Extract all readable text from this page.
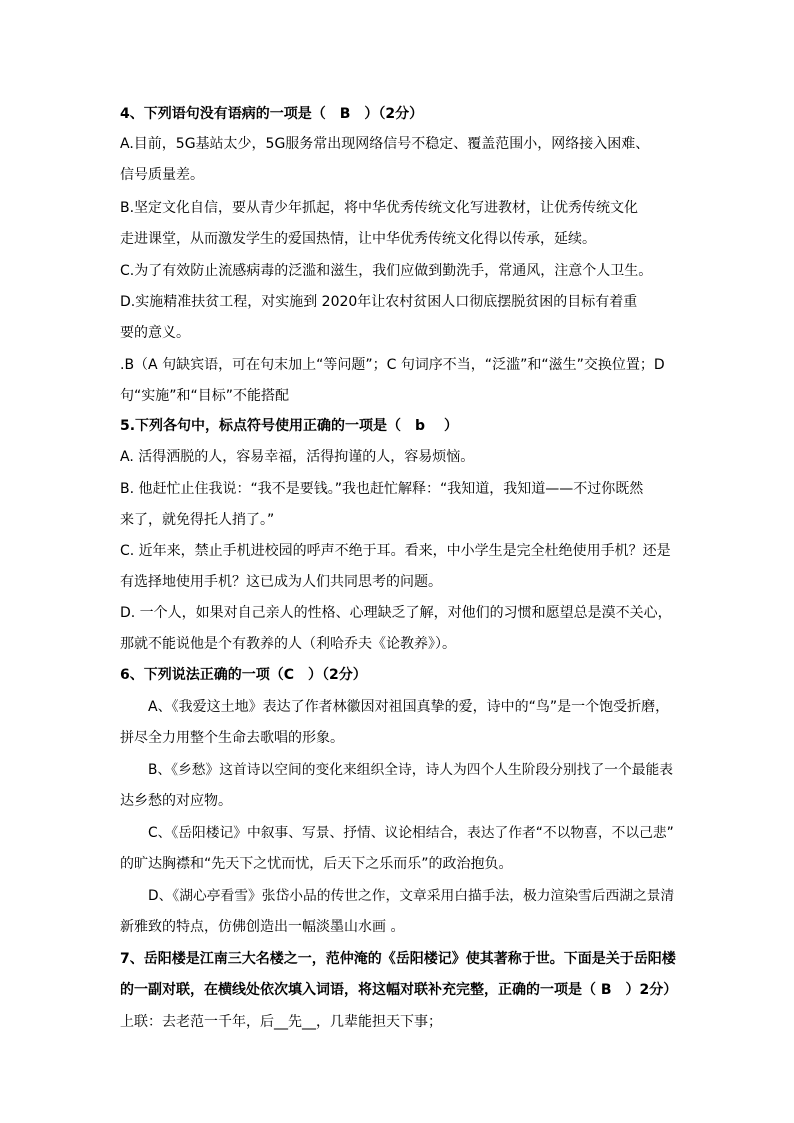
4、下列语句没有语病的一项是（　B　）（2分）

A.目前，5G基站太少，5G服务常出现网络信号不稳定、覆盖范围小，网络接入困难、

信号质量差。

B.坚定文化自信，要从青少年抓起，将中华优秀传统文化写进教材，让优秀传统文化

走进课堂，从而激发学生的爱国热情，让中华优秀传统文化得以传承，延续。

C.为了有效防止流感病毒的泛滥和滋生，我们应做到勤洗手，常通风，注意个人卫生。

D.实施精准扶贫工程，对实施到 2020年让农村贫困人口彻底摆脱贫困的目标有着重

要的意义。

.B（A 句缺宾语，可在句末加上“等问题”；C 句词序不当，“泛滥”和“滋生”交换位置；D

句“实施”和“目标”不能搭配

5.下列各句中，标点符号使用正确的一项是（　b　 ）

A. 活得洒脱的人，容易幸福，活得拘谨的人，容易烦恼。

B. 他赶忙止住我说：“我不是要钱。”我也赶忙解释：“我知道，我知道——不过你既然

来了，就免得托人捎了。”

C. 近年来，禁止手机进校园的呼声不绝于耳。看来，中小学生是完全杜绝使用手机？还是

有选择地使用手机？这已成为人们共同思考的问题。

D. 一个人，如果对自己亲人的性格、心理缺乏了解，对他们的习惯和愿望总是漠不关心，

那就不能说他是个有教养的人（利哈乔夫《论教养》）。

6、下列说法正确的一项（C　）（2分）

A、《我爱这土地》表达了作者林徽因对祖国真挚的爱，诗中的“鸟”是一个饱受折磨，

拼尽全力用整个生命去歌唱的形象。

B、《乡愁》这首诗以空间的变化来组织全诗，诗人为四个人生阶段分别找了一个最能表

达乡愁的对应物。

C、《岳阳楼记》中叙事、写景、抒情、议论相结合，表达了作者“不以物喜，不以己悲”

的旷达胸襟和“先天下之忧而忧，后天下之乐而乐”的政治抱负。

D、《湖心亭看雪》张岱小品的传世之作，文章采用白描手法，极力渲染雪后西湖之景清

新雅致的特点，仿佛创造出一幅淡墨山水画 。

7、岳阳楼是江南三大名楼之一，范仲淹的《岳阳楼记》使其著称于世。下面是关于岳阳楼

的一副对联，在横线处依次填入词语，将这幅对联补充完整，正确的一项是（ B　）2分）

上联：去老范一千年，后__先__，几辈能担天下事；
